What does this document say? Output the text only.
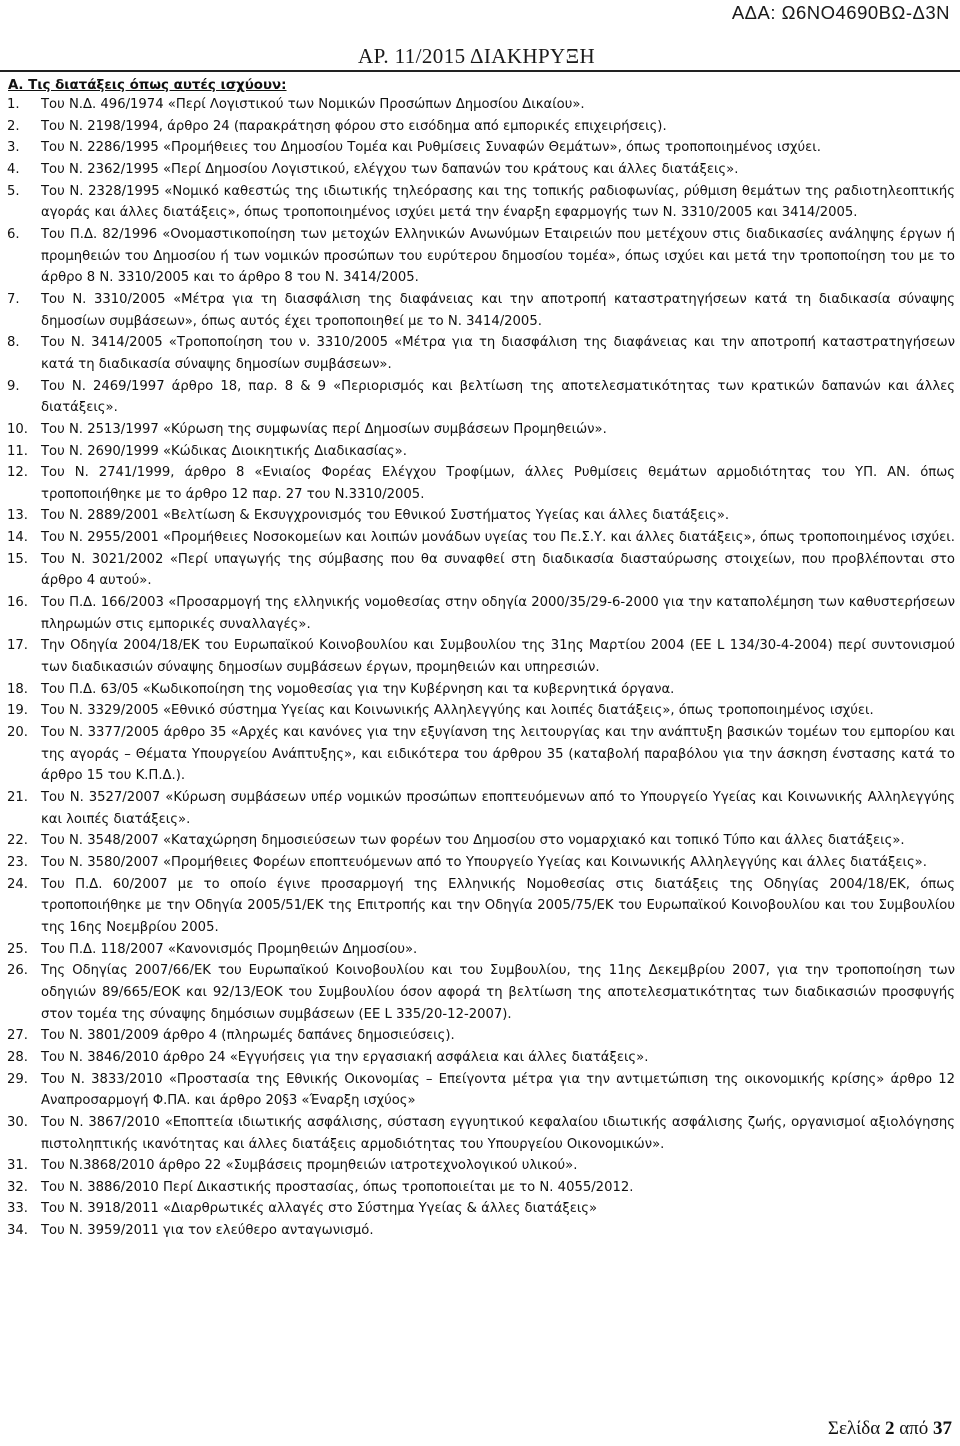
ΑΔΑ: Ω6ΝΟ4690ΒΩ-Δ3Ν
ΑΡ. 11/2015 ΔΙΑΚΗΡΥΞΗ
Α. Τις διατάξεις όπως αυτές ισχύουν:
1.	Του Ν.Δ. 496/1974 «Περί Λογιστικού των Νομικών Προσώπων Δημοσίου Δικαίου».
2.	Του Ν. 2198/1994, άρθρο 24 (παρακράτηση φόρου στο εισόδημα από εμπορικές επιχειρήσεις).
3.	Του Ν. 2286/1995 «Προμήθειες του Δημοσίου Τομέα και Ρυθμίσεις Συναφών Θεμάτων», όπως τροποποιημένος ισχύει.
4.	Του Ν. 2362/1995 «Περί Δημοσίου Λογιστικού, ελέγχου των δαπανών του κράτους και άλλες διατάξεις».
5.	Του Ν. 2328/1995 «Νομικό καθεστώς της ιδιωτικής τηλεόρασης και της τοπικής ραδιοφωνίας, ρύθμιση θεμάτων της ραδιοτηλεοπτικής αγοράς και άλλες διατάξεις», όπως τροποποιημένος ισχύει μετά την έναρξη εφαρμογής των Ν. 3310/2005 και 3414/2005.
6.	Του Π.Δ. 82/1996 «Ονομαστικοποίηση των μετοχών Ελληνικών Ανωνύμων Εταιρειών που μετέχουν στις διαδικασίες ανάληψης έργων ή προμηθειών του Δημοσίου ή των νομικών προσώπων του ευρύτερου δημοσίου τομέα», όπως ισχύει και μετά την τροποποίηση του με το άρθρο 8 Ν. 3310/2005 και το άρθρο 8 του Ν. 3414/2005.
7.	Του Ν. 3310/2005 «Μέτρα για τη διασφάλιση της διαφάνειας και την αποτροπή καταστρατηγήσεων κατά τη διαδικασία σύναψης δημοσίων συμβάσεων», όπως αυτός έχει τροποποιηθεί με το Ν. 3414/2005.
8.	Του Ν. 3414/2005 «Τροποποίηση του ν. 3310/2005 «Μέτρα για τη διασφάλιση της διαφάνειας και την αποτροπή καταστρατηγήσεων κατά τη διαδικασία σύναψης δημοσίων συμβάσεων».
9.	Του Ν. 2469/1997 άρθρο 18, παρ. 8 & 9 «Περιορισμός και βελτίωση της αποτελεσματικότητας των κρατικών δαπανών και άλλες διατάξεις».
10. Του Ν. 2513/1997 «Κύρωση της συμφωνίας περί Δημοσίων συμβάσεων Προμηθειών».
11. Του Ν. 2690/1999 «Κώδικας Διοικητικής Διαδικασίας».
12. Του Ν. 2741/1999, άρθρο 8 «Ενιαίος Φορέας Ελέγχου Τροφίμων, άλλες Ρυθμίσεις θεμάτων αρμοδιότητας του ΥΠ. ΑΝ. όπως τροποποιήθηκε με το άρθρο 12 παρ. 27 του Ν.3310/2005.
13. Του Ν. 2889/2001 «Βελτίωση & Εκσυγχρονισμός του Εθνικού Συστήματος Υγείας και άλλες διατάξεις».
14. Του Ν. 2955/2001 «Προμήθειες Νοσοκομείων και λοιπών μονάδων υγείας του Πε.Σ.Υ. και άλλες διατάξεις», όπως τροποποιημένος ισχύει.
15. Του Ν. 3021/2002 «Περί υπαγωγής της σύμβασης που θα συναφθεί στη διαδικασία διασταύρωσης στοιχείων, που προβλέπονται στο άρθρο 4 αυτού».
16. Του Π.Δ. 166/2003 «Προσαρμογή της ελληνικής νομοθεσίας στην οδηγία 2000/35/29-6-2000 για την καταπολέμηση των καθυστερήσεων πληρωμών στις εμπορικές συναλλαγές».
17. Την Οδηγία 2004/18/ΕΚ του Ευρωπαϊκού Κοινοβουλίου και Συμβουλίου της 31ης Μαρτίου 2004 (ΕΕ L 134/30-4-2004) περί συντονισμού των διαδικασιών σύναψης δημοσίων συμβάσεων έργων, προμηθειών και υπηρεσιών.
18. Του Π.Δ. 63/05 «Κωδικοποίηση της νομοθεσίας για την Κυβέρνηση και τα κυβερνητικά όργανα.
19. Του Ν. 3329/2005 «Εθνικό σύστημα Υγείας και Κοινωνικής Αλληλεγγύης και λοιπές διατάξεις», όπως τροποποιημένος ισχύει.
20. Του Ν. 3377/2005 άρθρο 35 «Αρχές και κανόνες για την εξυγίανση της λειτουργίας και την ανάπτυξη βασικών τομέων του εμπορίου και της αγοράς – Θέματα Υπουργείου Ανάπτυξης», και ειδικότερα του άρθρου 35 (καταβολή παραβόλου για την άσκηση ένστασης κατά το άρθρο 15 του Κ.Π.Δ.).
21. Του Ν. 3527/2007 «Κύρωση συμβάσεων υπέρ νομικών προσώπων εποπτευόμενων από το Υπουργείο Υγείας και Κοινωνικής Αλληλεγγύης και λοιπές διατάξεις».
22. Του Ν. 3548/2007 «Καταχώρηση δημοσιεύσεων των φορέων του Δημοσίου στο νομαρχιακό και τοπικό Τύπο και άλλες διατάξεις».
23. Του Ν. 3580/2007 «Προμήθειες Φορέων εποπτευόμενων από το Υπουργείο Υγείας και Κοινωνικής Αλληλεγγύης και άλλες διατάξεις».
24. Του Π.Δ. 60/2007 με το οποίο έγινε προσαρμογή της Ελληνικής Νομοθεσίας στις διατάξεις της Οδηγίας 2004/18/ΕΚ, όπως τροποποιήθηκε με την Οδηγία 2005/51/ΕΚ της Επιτροπής και την Οδηγία 2005/75/ΕΚ του Ευρωπαϊκού Κοινοβουλίου και του Συμβουλίου της 16ης Νοεμβρίου 2005.
25. Του Π.Δ. 118/2007 «Κανονισμός Προμηθειών Δημοσίου».
26. Της Οδηγίας 2007/66/ΕΚ του Ευρωπαϊκού Κοινοβουλίου και του Συμβουλίου, της 11ης Δεκεμβρίου 2007, για την τροποποίηση των οδηγιών 89/665/ΕΟΚ και 92/13/ΕΟΚ του Συμβουλίου όσον αφορά τη βελτίωση της αποτελεσματικότητας των διαδικασιών προσφυγής στον τομέα της σύναψης δημόσιων συμβάσεων (ΕΕ L 335/20-12-2007).
27. Του Ν. 3801/2009 άρθρο 4 (πληρωμές δαπάνες δημοσιεύσεις).
28. Του Ν. 3846/2010 άρθρο 24 «Εγγυήσεις για την εργασιακή ασφάλεια και άλλες διατάξεις».
29. Του Ν. 3833/2010 «Προστασία της Εθνικής Οικονομίας – Επείγοντα μέτρα για την αντιμετώπιση της οικονομικής κρίσης» άρθρο 12 Αναπροσαρμογή Φ.ΠΑ. και άρθρο 20§3 «Έναρξη ισχύος»
30. Του Ν. 3867/2010 «Εποπτεία ιδιωτικής ασφάλισης, σύσταση εγγυητικού κεφαλαίου ιδιωτικής ασφάλισης ζωής, οργανισμοί αξιολόγησης πιστοληπτικής ικανότητας και άλλες διατάξεις αρμοδιότητας του Υπουργείου Οικονομικών».
31. Του Ν.3868/2010 άρθρο 22 «Συμβάσεις προμηθειών ιατροτεχνολογικού υλικού».
32. Του Ν. 3886/2010 Περί Δικαστικής προστασίας, όπως τροποποιείται με το Ν. 4055/2012.
33. Του Ν. 3918/2011 «Διαρθρωτικές αλλαγές στο Σύστημα Υγείας & άλλες διατάξεις»
34. Του Ν. 3959/2011 για τον ελεύθερο ανταγωνισμό.
Σελίδα 2 από 37
